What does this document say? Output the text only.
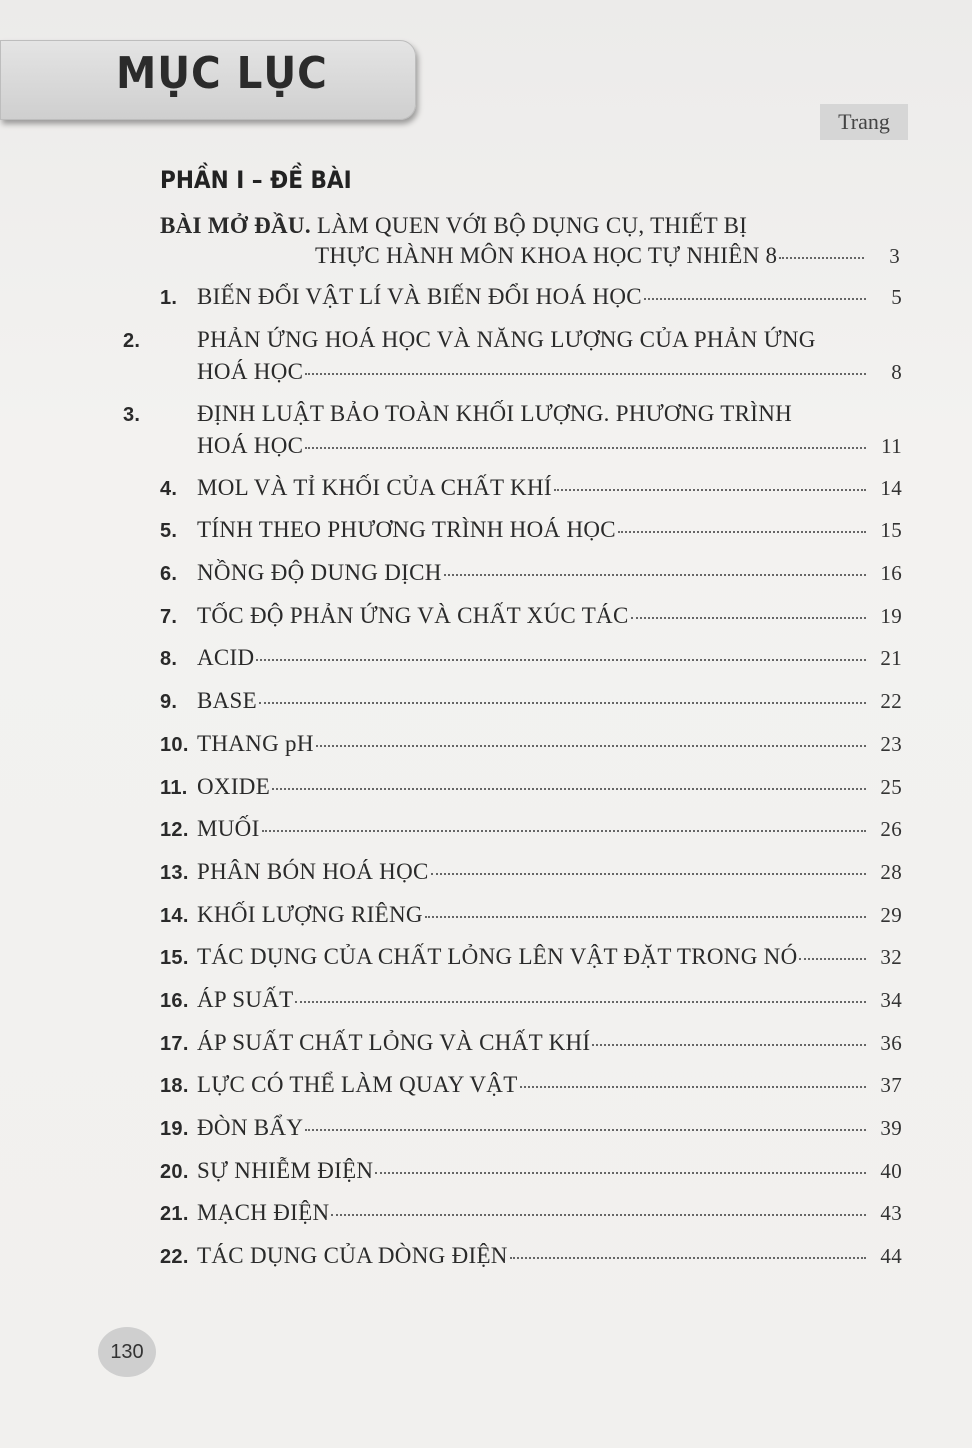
MỤC LỤC
Trang
PHẦN I – ĐỀ BÀI
BÀI MỞ ĐẦU. LÀM QUEN VỚI BỘ DỤNG CỤ, THIẾT BỊ
THỰC HÀNH MÔN KHOA HỌC TỰ NHIÊN 8	3
1. BIẾN ĐỔI VẬT LÍ VÀ BIẾN ĐỔI HOÁ HỌC	5
2. PHẢN ỨNG HOÁ HỌC VÀ NĂNG LƯỢNG CỦA PHẢN ỨNG
HOÁ HỌC	8
3. ĐỊNH LUẬT BẢO TOÀN KHỐI LƯỢNG. PHƯƠNG TRÌNH
HOÁ HỌC	11
4. MOL VÀ TỈ KHỐI CỦA CHẤT KHÍ	14
5. TÍNH THEO PHƯƠNG TRÌNH HOÁ HỌC	15
6. NỒNG ĐỘ DUNG DỊCH	16
7. TỐC ĐỘ PHẢN ỨNG VÀ CHẤT XÚC TÁC	19
8. ACID	21
9. BASE	22
10. THANG pH	23
11. OXIDE	25
12. MUỐI	26
13. PHÂN BÓN HOÁ HỌC	28
14. KHỐI LƯỢNG RIÊNG	29
15. TÁC DỤNG CỦA CHẤT LỎNG LÊN VẬT ĐẶT TRONG NÓ	32
16. ÁP SUẤT	34
17. ÁP SUẤT CHẤT LỎNG VÀ CHẤT KHÍ	36
18. LỰC CÓ THỂ LÀM QUAY VẬT	37
19. ĐÒN BẨY	39
20. SỰ NHIỄM ĐIỆN	40
21. MẠCH ĐIỆN	43
22. TÁC DỤNG CỦA DÒNG ĐIỆN	44
130
